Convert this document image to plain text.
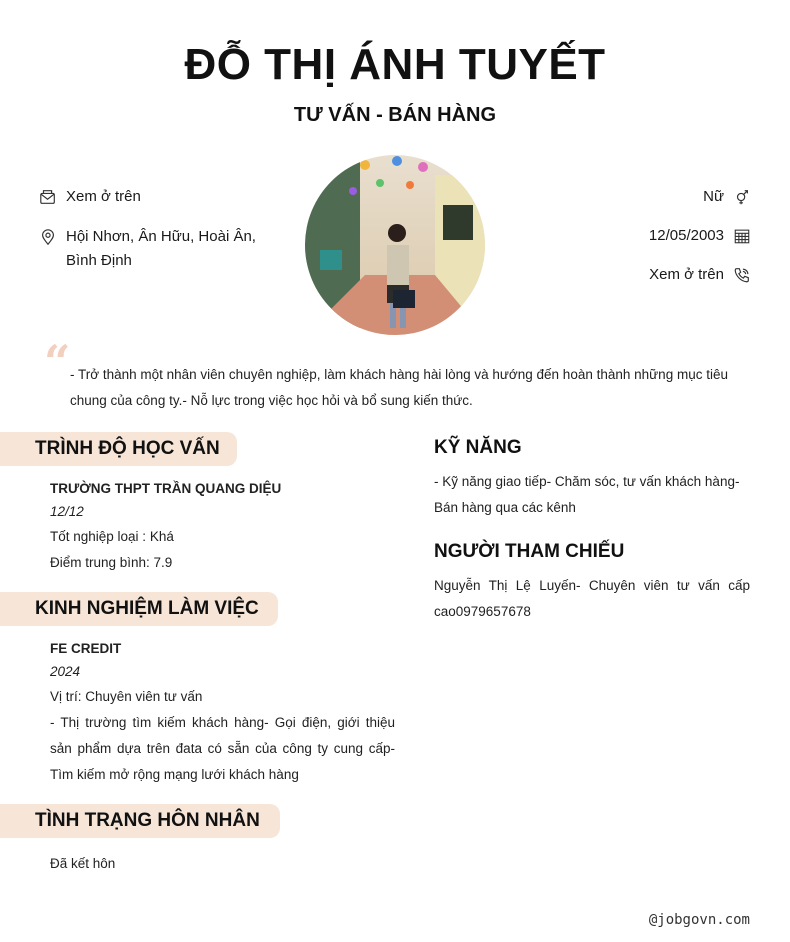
ĐỖ THỊ ÁNH TUYẾT
TƯ VẤN - BÁN HÀNG
Xem ở trên
Hội Nhơn, Ân Hữu, Hoài Ân, Bình Định
Nữ
12/05/2003
Xem ở trên
“ - Trở thành một nhân viên chuyên nghiệp, làm khách hàng hài lòng và hướng đến hoàn thành những mục tiêu chung của công ty.- Nỗ lực trong việc học hỏi và bổ sung kiến thức.
TRÌNH ĐỘ HỌC VẤN
TRƯỜNG THPT TRẦN QUANG DIỆU
12/12
Tốt nghiệp loại : Khá
Điểm trung bình: 7.9
KINH NGHIỆM LÀM VIỆC
FE CREDIT
2024
Vị trí: Chuyên viên tư vấn
- Thị trường tìm kiếm khách hàng- Gọi điện, giới thiệu sản phẩm dựa trên đata có sẵn của công ty cung cấp- Tìm kiếm mở rộng mạng lưới khách hàng
TÌNH TRẠNG HÔN NHÂN
Đã kết hôn
KỸ NĂNG
- Kỹ năng giao tiếp- Chăm sóc, tư vấn khách hàng- Bán hàng qua các kênh
NGƯỜI THAM CHIẾU
Nguyễn Thị Lệ Luyến- Chuyên viên tư vấn cấp cao0979657678
@jobgovn.com
